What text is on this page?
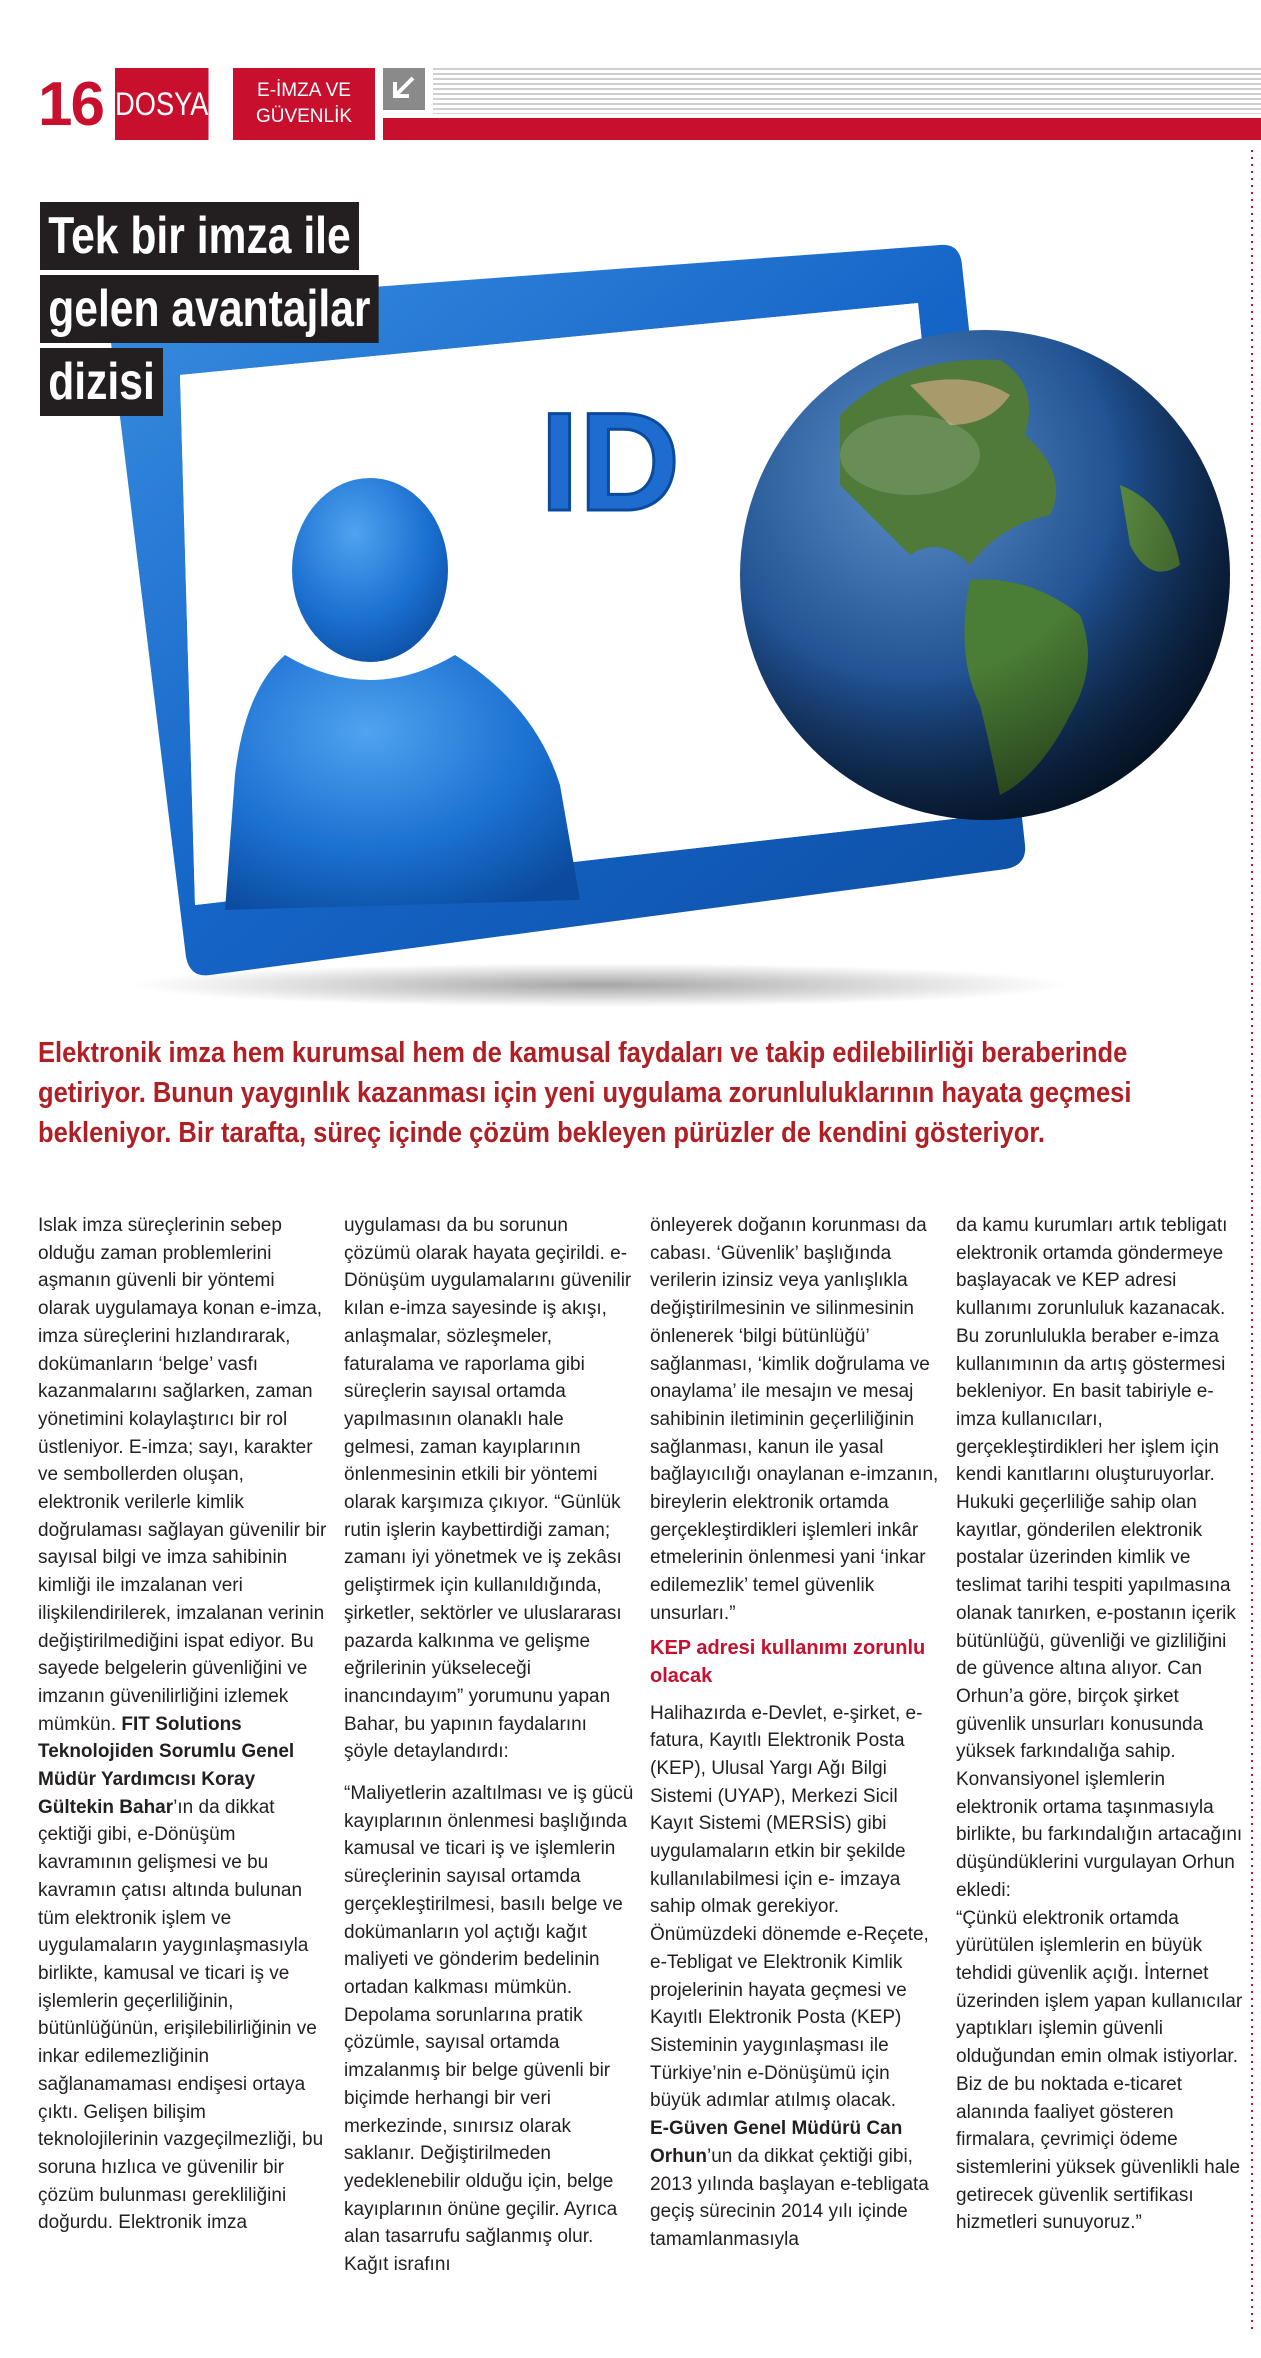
16 DOSYA	E-İMZA VE
GÜVENLİK
ID
Tek bir imza ile
gelen avantajlar
dizisi
Elektronik imza hem kurumsal hem de kamusal faydaları ve takip edilebilirliği beraberinde
getiriyor. Bunun yaygınlık kazanması için yeni uygulama zorunluluklarının hayata geçmesi
bekleniyor. Bir tarafta, süreç içinde çözüm bekleyen pürüzler de kendini gösteriyor.

Islak imza süreçlerinin sebep olduğu zaman problemlerini aşmanın güvenli bir yöntemi olarak uygulamaya konan e-imza, imza süreçlerini hızlandırarak, dokümanların ‘belge’ vasfı kazanmalarını sağlarken, zaman yönetimini kolaylaştırıcı bir rol üstleniyor. E-imza; sayı, karakter ve sembollerden oluşan, elektronik verilerle kimlik doğrulaması sağlayan güvenilir bir sayısal bilgi ve imza sahibinin kimliği ile imzalanan veri ilişkilendirilerek, imzalanan verinin değiştirilmediğini ispat ediyor. Bu sayede belgelerin güvenliğini ve imzanın güvenilirliğini izlemek mümkün. FIT Solutions Teknolojiden Sorumlu Genel Müdür Yardımcısı Koray Gültekin Bahar’ın da dikkat çektiği gibi, e-Dönüşüm kavramının gelişmesi ve bu kavramın çatısı altında bulunan tüm elektronik işlem ve uygulamaların yaygınlaşmasıyla birlikte, kamusal ve ticari iş ve işlemlerin geçerliliğinin, bütünlüğünün, erişilebilirliğinin ve inkar edilemezliğinin sağlanamaması endişesi ortaya çıktı. Gelişen bilişim teknolojilerinin vazgeçilmezliği, bu soruna hızlıca ve güvenilir bir çözüm bulunması gerekliliğini doğurdu. Elektronik imza

uygulaması da bu sorunun çözümü olarak hayata geçirildi. e-Dönüşüm uygulamalarını güvenilir kılan e-imza sayesinde iş akışı, anlaşmalar, sözleşmeler, faturalama ve raporlama gibi süreçlerin sayısal ortamda yapılmasının olanaklı hale gelmesi, zaman kayıplarının önlenmesinin etkili bir yöntemi olarak karşımıza çıkıyor. “Günlük rutin işlerin kaybettirdiği zaman; zamanı iyi yönetmek ve iş zekâsı geliştirmek için kullanıldığında, şirketler, sektörler ve uluslararası pazarda kalkınma ve gelişme eğrilerinin yükseleceği inancındayım” yorumunu yapan Bahar, bu yapının faydalarını şöyle detaylandırdı:

“Maliyetlerin azaltılması ve iş gücü kayıplarının önlenmesi başlığında kamusal ve ticari iş ve işlemlerin süreçlerinin sayısal ortamda gerçekleştirilmesi, basılı belge ve dokümanların yol açtığı kağıt maliyeti ve gönderim bedelinin ortadan kalkması mümkün. Depolama sorunlarına pratik çözümle, sayısal ortamda imzalanmış bir belge güvenli bir biçimde herhangi bir veri merkezinde, sınırsız olarak saklanır. Değiştirilmeden yedeklenebilir olduğu için, belge kayıplarının önüne geçilir. Ayrıca alan tasarrufu sağlanmış olur. Kağıt israfını

önleyerek doğanın korunması da cabası. ‘Güvenlik’ başlığında verilerin izinsiz veya yanlışlıkla değiştirilmesinin ve silinmesinin önlenerek ‘bilgi bütünlüğü’ sağlanması, ‘kimlik doğrulama ve onaylama’ ile mesajın ve mesaj sahibinin iletiminin geçerliliğinin sağlanması, kanun ile yasal bağlayıcılığı onaylanan e-imzanın, bireylerin elektronik ortamda gerçekleştirdikleri işlemleri inkâr etmelerinin önlenmesi yani ‘inkar edilemezlik’ temel güvenlik unsurları.”

KEP adresi kullanımı zorunlu olacak

Halihazırda e-Devlet, e-şirket, e-fatura, Kayıtlı Elektronik Posta (KEP), Ulusal Yargı Ağı Bilgi Sistemi (UYAP), Merkezi Sicil Kayıt Sistemi (MERSİS) gibi uygulamaların etkin bir şekilde kullanılabilmesi için e- imzaya sahip olmak gerekiyor. Önümüzdeki dönemde e-Reçete, e-Tebligat ve Elektronik Kimlik projelerinin hayata geçmesi ve Kayıtlı Elektronik Posta (KEP) Sisteminin yaygınlaşması ile Türkiye’nin e-Dönüşümü için büyük adımlar atılmış olacak.

E-Güven Genel Müdürü Can Orhun’un da dikkat çektiği gibi, 2013 yılında başlayan e-tebligata geçiş sürecinin 2014 yılı içinde tamamlanmasıyla

da kamu kurumları artık tebligatı elektronik ortamda göndermeye başlayacak ve KEP adresi kullanımı zorunluluk kazanacak. Bu zorunlulukla beraber e-imza kullanımının da artış göstermesi bekleniyor. En basit tabiriyle e-imza kullanıcıları, gerçekleştirdikleri her işlem için kendi kanıtlarını oluşturuyorlar. Hukuki geçerliliğe sahip olan kayıtlar, gönderilen elektronik postalar üzerinden kimlik ve teslimat tarihi tespiti yapılmasına olanak tanırken, e-postanın içerik bütünlüğü, güvenliği ve gizliliğini de güvence altına alıyor. Can Orhun’a göre, birçok şirket güvenlik unsurları konusunda yüksek farkındalığa sahip. Konvansiyonel işlemlerin elektronik ortama taşınmasıyla birlikte, bu farkındalığın artacağını düşündüklerini vurgulayan Orhun ekledi:

“Çünkü elektronik ortamda yürütülen işlemlerin en büyük tehdidi güvenlik açığı. İnternet üzerinden işlem yapan kullanıcılar yaptıkları işlemin güvenli olduğundan emin olmak istiyorlar. Biz de bu noktada e-ticaret alanında faaliyet gösteren firmalara, çevrimiçi ödeme sistemlerini yüksek güvenlikli hale getirecek güvenlik sertifikası hizmetleri sunuyoruz.”
